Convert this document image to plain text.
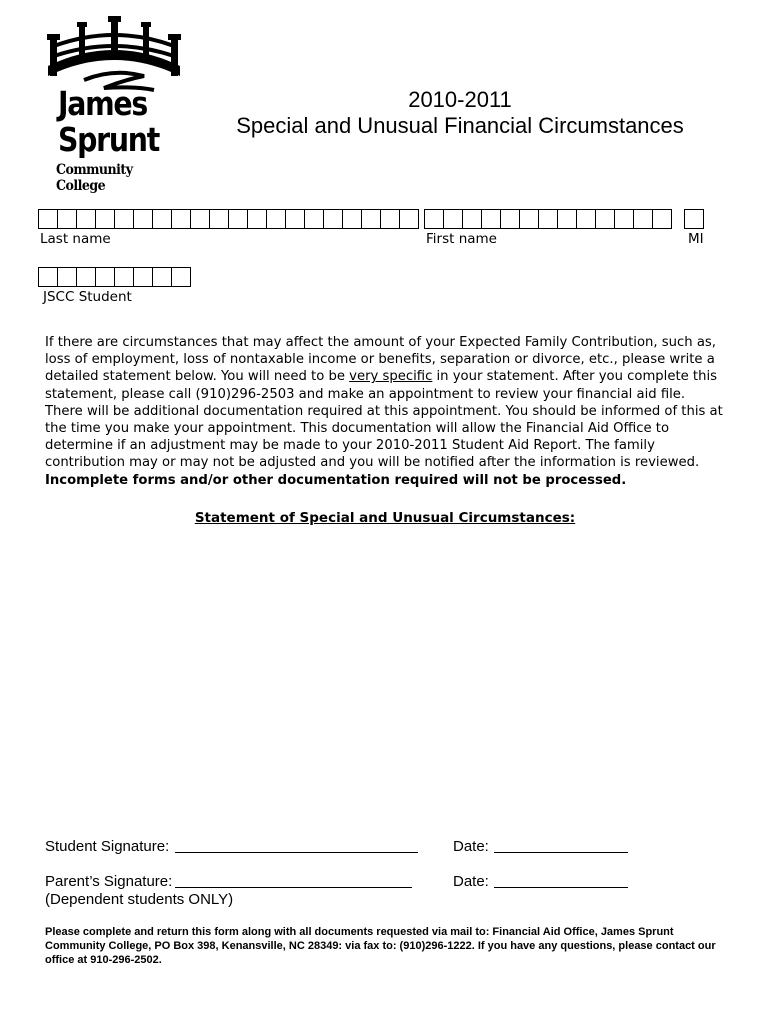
James
Sprunt
Community College
2010-2011
Special and Unusual Financial Circumstances
Last name	First name	MI
JSCC Student
If there are circumstances that may affect the amount of your Expected Family Contribution, such as, loss of employment, loss of nontaxable income or benefits, separation or divorce, etc., please write a detailed statement below. You will need to be very specific in your statement. After you complete this statement, please call (910)296-2503 and make an appointment to review your financial aid file. There will be additional documentation required at this appointment. You should be informed of this at the time you make your appointment. This documentation will allow the Financial Aid Office to determine if an adjustment may be made to your 2010-2011 Student Aid Report. The family contribution may or may not be adjusted and you will be notified after the information is reviewed. Incomplete forms and/or other documentation required will not be processed.
Statement of Special and Unusual Circumstances:
Student Signature:	Date:
Parent’s Signature:	Date:
(Dependent students ONLY)
Please complete and return this form along with all documents requested via mail to: Financial Aid Office, James Sprunt Community College, PO Box 398, Kenansville, NC 28349: via fax to: (910)296-1222. If you have any questions, please contact our office at 910-296-2502.
